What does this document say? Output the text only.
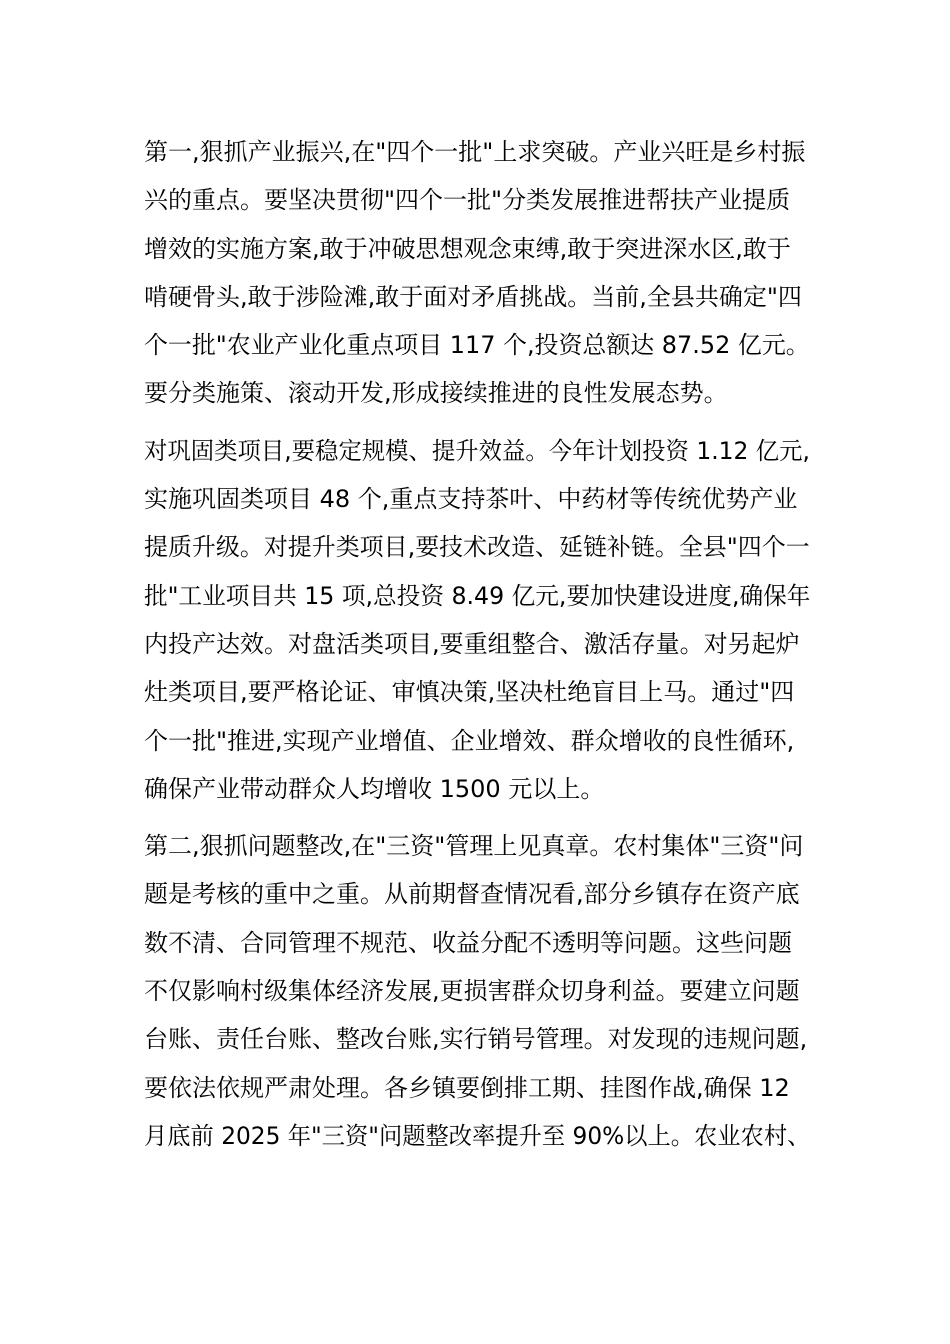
第一,狠抓产业振兴,在"四个一批"上求突破。产业兴旺是乡村振
兴的重点。要坚决贯彻"四个一批"分类发展推进帮扶产业提质
增效的实施方案,敢于冲破思想观念束缚,敢于突进深水区,敢于
啃硬骨头,敢于涉险滩,敢于面对矛盾挑战。当前,全县共确定"四
个一批"农业产业化重点项目 117 个,投资总额达 87.52 亿元。
要分类施策、滚动开发,形成接续推进的良性发展态势。
对巩固类项目,要稳定规模、提升效益。今年计划投资 1.12 亿元,
实施巩固类项目 48 个,重点支持茶叶、中药材等传统优势产业
提质升级。对提升类项目,要技术改造、延链补链。全县"四个一
批"工业项目共 15 项,总投资 8.49 亿元,要加快建设进度,确保年
内投产达效。对盘活类项目,要重组整合、激活存量。对另起炉
灶类项目,要严格论证、审慎决策,坚决杜绝盲目上马。通过"四
个一批"推进,实现产业增值、企业增效、群众增收的良性循环,
确保产业带动群众人均增收 1500 元以上。
第二,狠抓问题整改,在"三资"管理上见真章。农村集体"三资"问
题是考核的重中之重。从前期督查情况看,部分乡镇存在资产底
数不清、合同管理不规范、收益分配不透明等问题。这些问题
不仅影响村级集体经济发展,更损害群众切身利益。要建立问题
台账、责任台账、整改台账,实行销号管理。对发现的违规问题,
要依法依规严肃处理。各乡镇要倒排工期、挂图作战,确保 12
月底前 2025 年"三资"问题整改率提升至 90%以上。农业农村、
